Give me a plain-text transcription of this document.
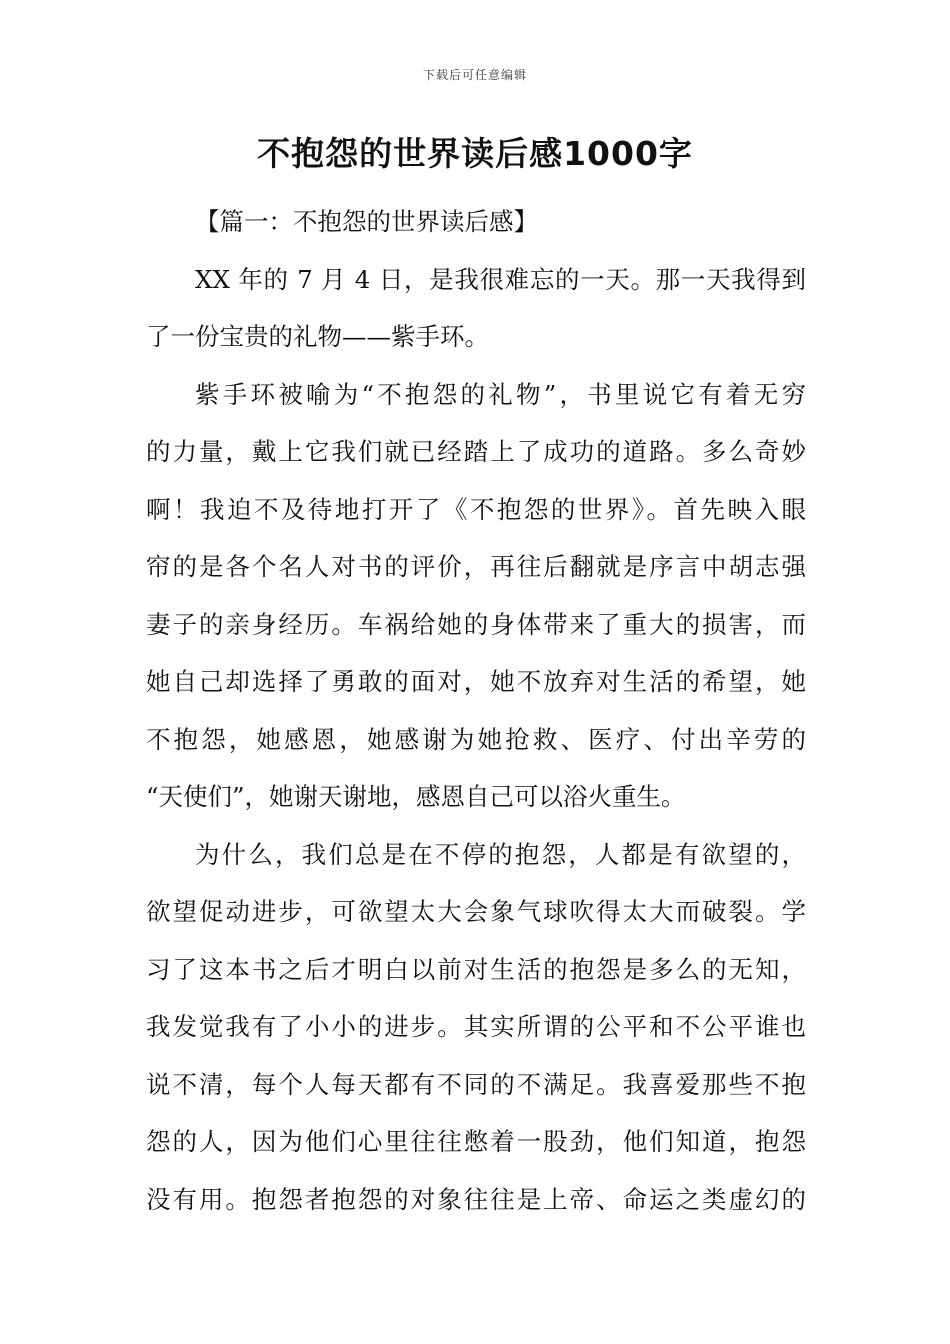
下载后可任意编辑
不抱怨的世界读后感1000字
【篇一：不抱怨的世界读后感】
XX 年的 7 月 4 日，是我很难忘的一天。那一天我得到
了一份宝贵的礼物——紫手环。
紫手环被喻为“不抱怨的礼物”，书里说它有着无穷
的力量，戴上它我们就已经踏上了成功的道路。多么奇妙
啊！我迫不及待地打开了《不抱怨的世界》。首先映入眼
帘的是各个名人对书的评价，再往后翻就是序言中胡志强
妻子的亲身经历。车祸给她的身体带来了重大的损害，而
她自己却选择了勇敢的面对，她不放弃对生活的希望，她
不抱怨，她感恩，她感谢为她抢救、医疗、付出辛劳的
“天使们”，她谢天谢地，感恩自己可以浴火重生。
为什么，我们总是在不停的抱怨，人都是有欲望的，
欲望促动进步，可欲望太大会象气球吹得太大而破裂。学
习了这本书之后才明白以前对生活的抱怨是多么的无知，
我发觉我有了小小的进步。其实所谓的公平和不公平谁也
说不清，每个人每天都有不同的不满足。我喜爱那些不抱
怨的人，因为他们心里往往憋着一股劲，他们知道，抱怨
没有用。抱怨者抱怨的对象往往是上帝、命运之类虚幻的
